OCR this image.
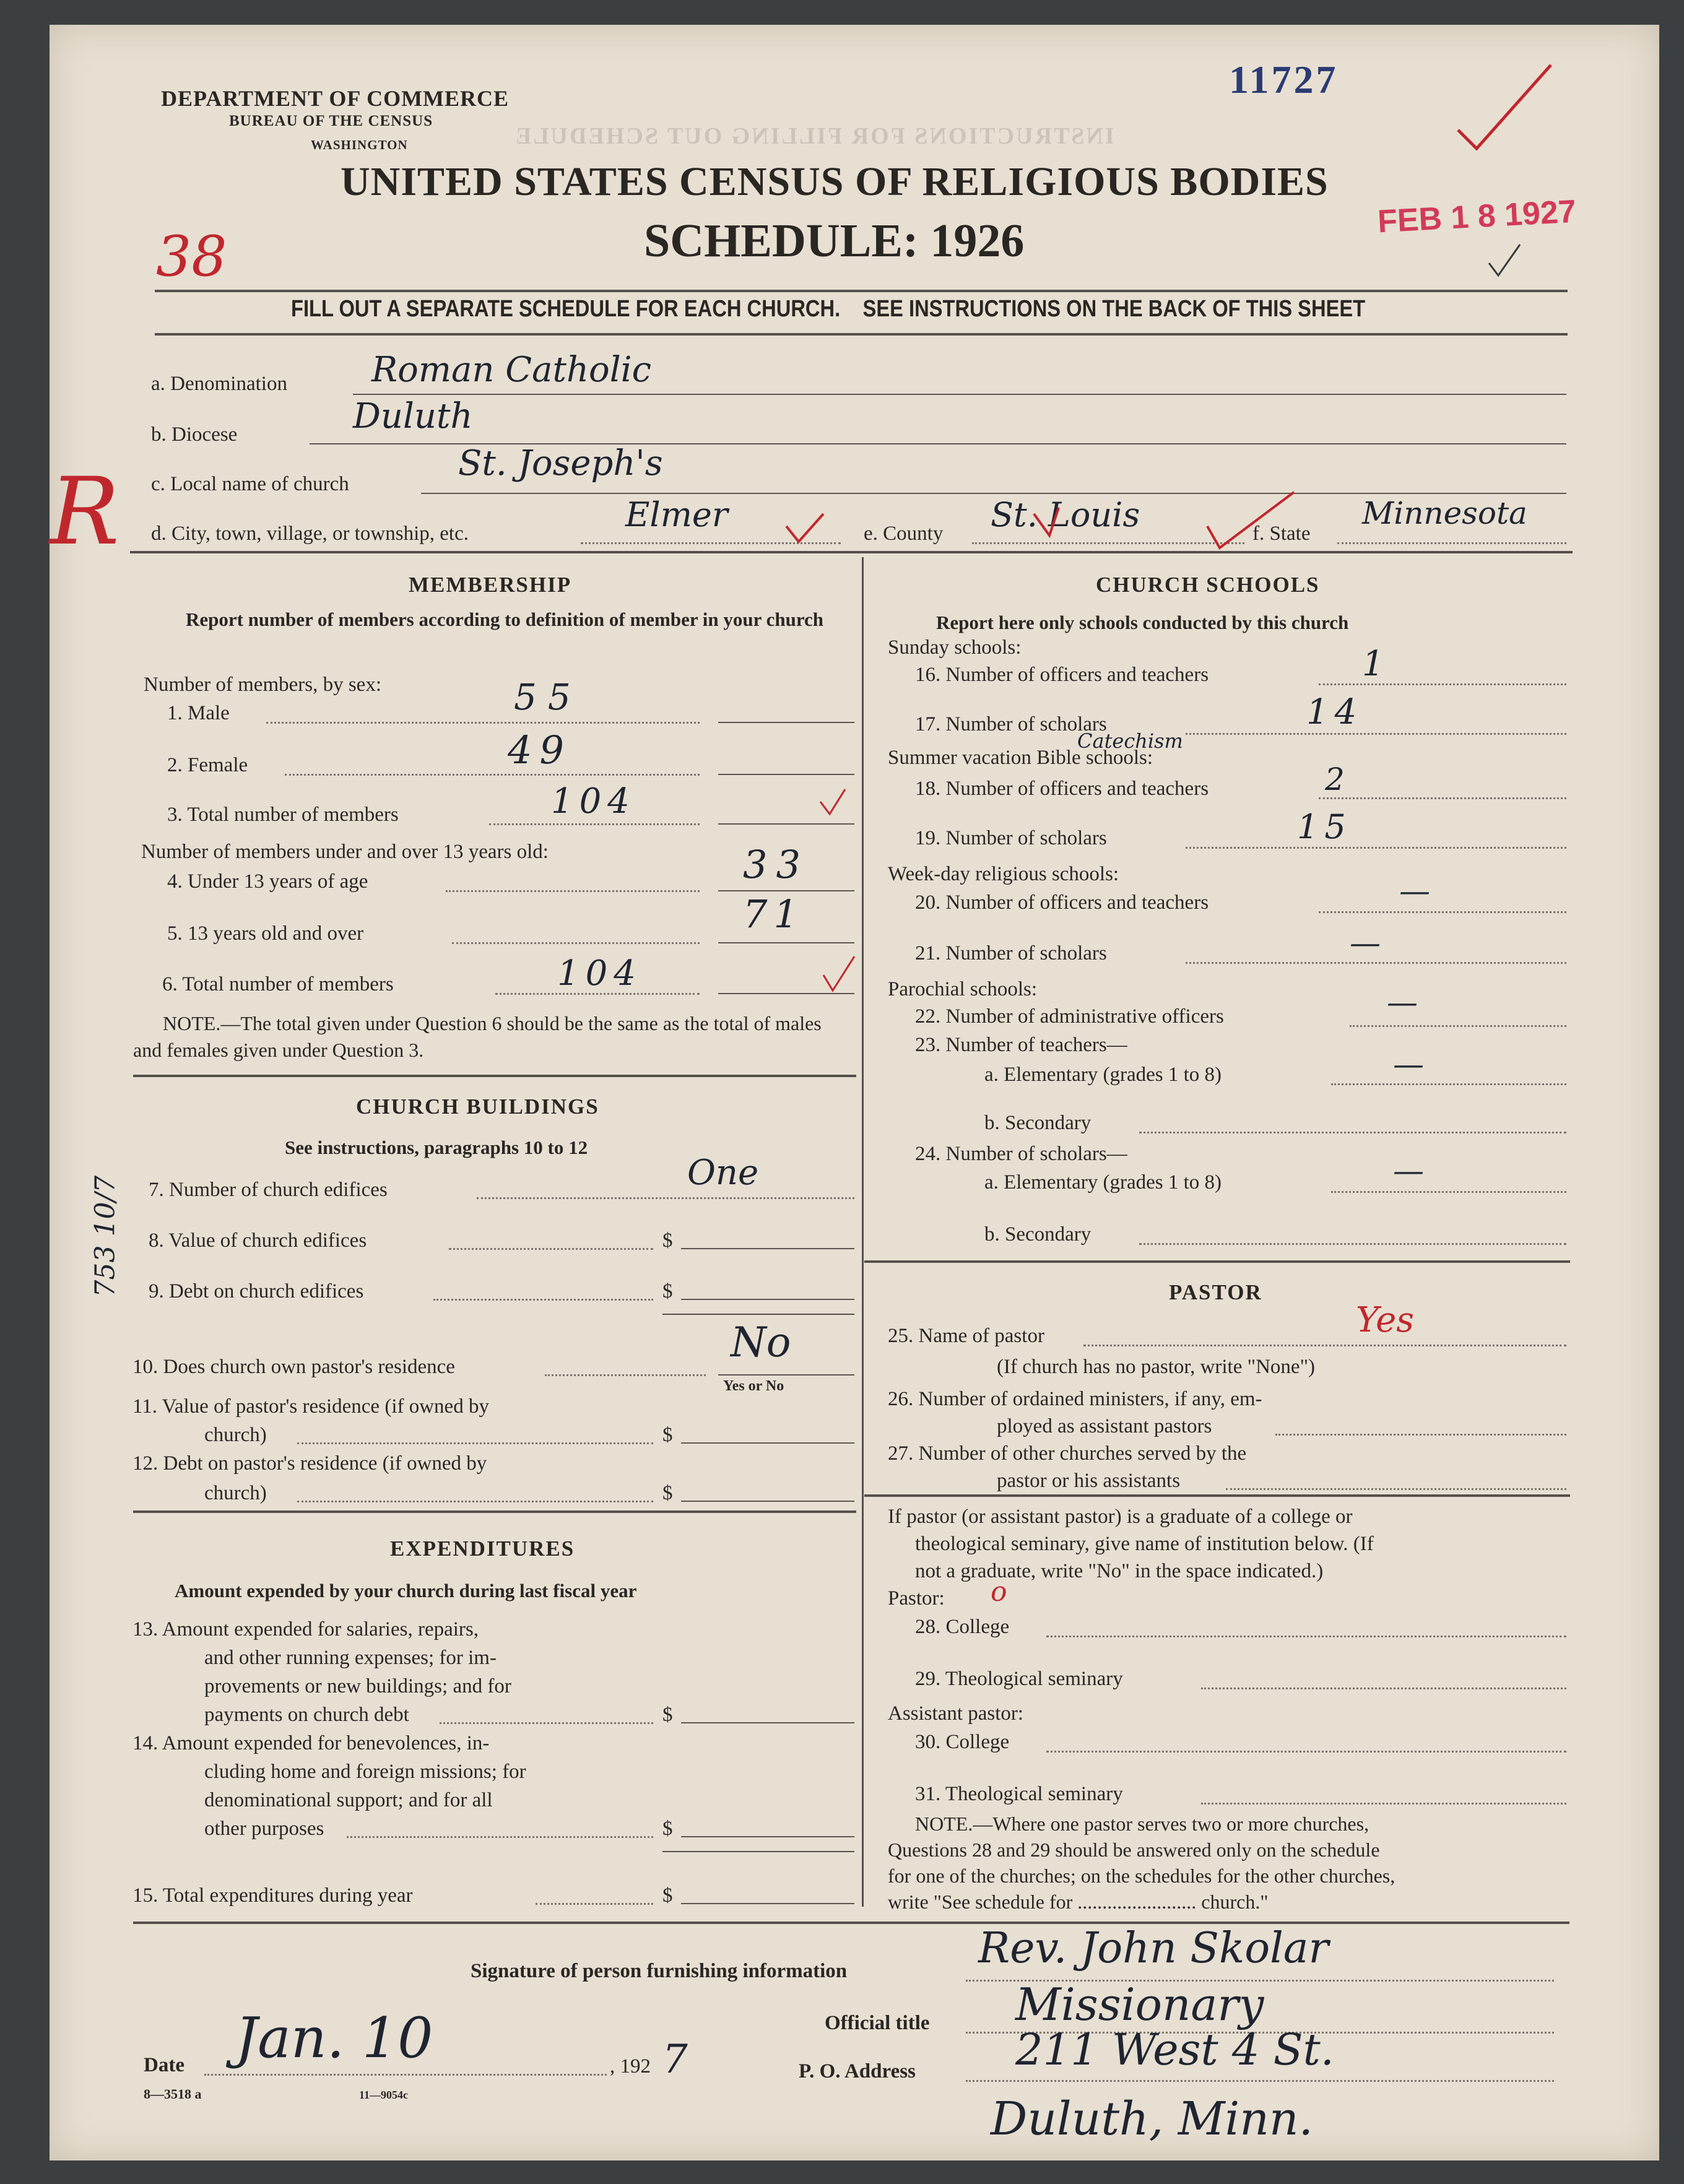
11727
DEPARTMENT OF COMMERCE
BUREAU OF THE CENSUS
WASHINGTON	INSTRUCTIONS FOR FILLING OUT SCHEDULE
UNITED STATES CENSUS OF RELIGIOUS BODIES
SCHEDULE: 1926
38
FEB 1 8 1927
FILL OUT A SEPARATE SCHEDULE FOR EACH CHURCH.    SEE INSTRUCTIONS ON THE BACK OF THIS SHEET
a. Denomination Roman Catholic
b. Diocese	Duluth
c. Local name of church
St. Joseph's
R d. City, town, village, or township, etc.	Elmer	e. County St. Louis	f. State
Minnesota
MEMBERSHIP
Report number of members according to definition of member in your church
Number of members, by sex:
1. Male	55
2. Female	49
3. Total number of members	104
Number of members under and over 13 years old:
4. Under 13 years of age	33
5. 13 years old and over	71
6. Total number of members	104
NOTE.—The total given under Question 6 should be the same as the total of males and females given under Question 3.
CHURCH BUILDINGS
See instructions, paragraphs 10 to 12
753 10/7 7. Number of church edifices	One
8. Value of church edifices	$
9. Debt on church edifices	$
10. Does church own pastor's residence
No
Yes or No
11. Value of pastor's residence (if owned by
church)	$
12. Debt on pastor's residence (if owned by
church)	$
EXPENDITURES
Amount expended by your church during last fiscal year
13. Amount expended for salaries, repairs,
and other running expenses; for im-
provements or new buildings; and for
payments on church debt	$
14. Amount expended for benevolences, in-
cluding home and foreign missions; for
denominational support; and for all
other purposes	$
15. Total expenditures during year	$
CHURCH SCHOOLS
Report here only schools conducted by this church
Sunday schools:
16. Number of officers and teachers	1
17. Number of scholars	14
Summer vacation Bible schools:
Catechism
18. Number of officers and teachers	2
19. Number of scholars	15
Week-day religious schools:
20. Number of officers and teachers	—
21. Number of scholars	—
Parochial schools:
22. Number of administrative officers	—
23. Number of teachers—
a. Elementary (grades 1 to 8)	—
b. Secondary
24. Number of scholars—
a. Elementary (grades 1 to 8)	—
b. Secondary
PASTOR
25. Name of pastor	Yes
(If church has no pastor, write "None")
26. Number of ordained ministers, if any, em-
ployed as assistant pastors
27. Number of other churches served by the
pastor or his assistants
If pastor (or assistant pastor) is a graduate of a college or
theological seminary, give name of institution below. (If
not a graduate, write "No" in the space indicated.)
Pastor: o
28. College
29. Theological seminary
Assistant pastor:
30. College
31. Theological seminary
NOTE.—Where one pastor serves two or more churches,
Questions 28 and 29 should be answered only on the schedule
for one of the churches; on the schedules for the other churches,
write "See schedule for ........................ church."
Signature of person furnishing information	Rev. John Skolar
Official title Missionary
Date Jan. 10	, 192 7	P. O. Address 211 West 4 St.
Duluth, Minn.
8—3518 a	11—9054c
